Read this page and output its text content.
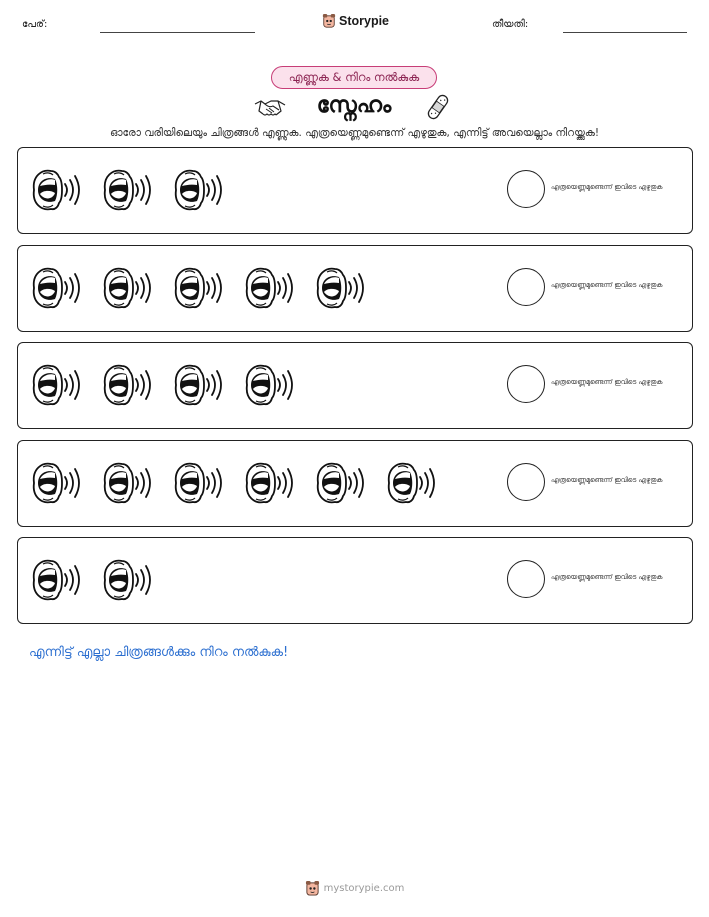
പേര്:	Storypie	തീയതി:
എണ്ണുക & നിറം നൽകുക
സ്നേഹം
ഓരോ വരിയിലെയും ചിത്രങ്ങൾ എണ്ണുക. എത്രയെണ്ണമുണ്ടെന്ന് എഴുതുക, എന്നിട്ട് അവയെല്ലാം നിറയ്ക്കുക!
എത്രയെണ്ണമുണ്ടെന്ന് ഇവിടെ എഴുതുക
എത്രയെണ്ണമുണ്ടെന്ന് ഇവിടെ എഴുതുക
എത്രയെണ്ണമുണ്ടെന്ന് ഇവിടെ എഴുതുക
എത്രയെണ്ണമുണ്ടെന്ന് ഇവിടെ എഴുതുക
എത്രയെണ്ണമുണ്ടെന്ന് ഇവിടെ എഴുതുക
എന്നിട്ട് എല്ലാ ചിത്രങ്ങൾക്കും നിറം നൽകുക!
mystorypie.com
